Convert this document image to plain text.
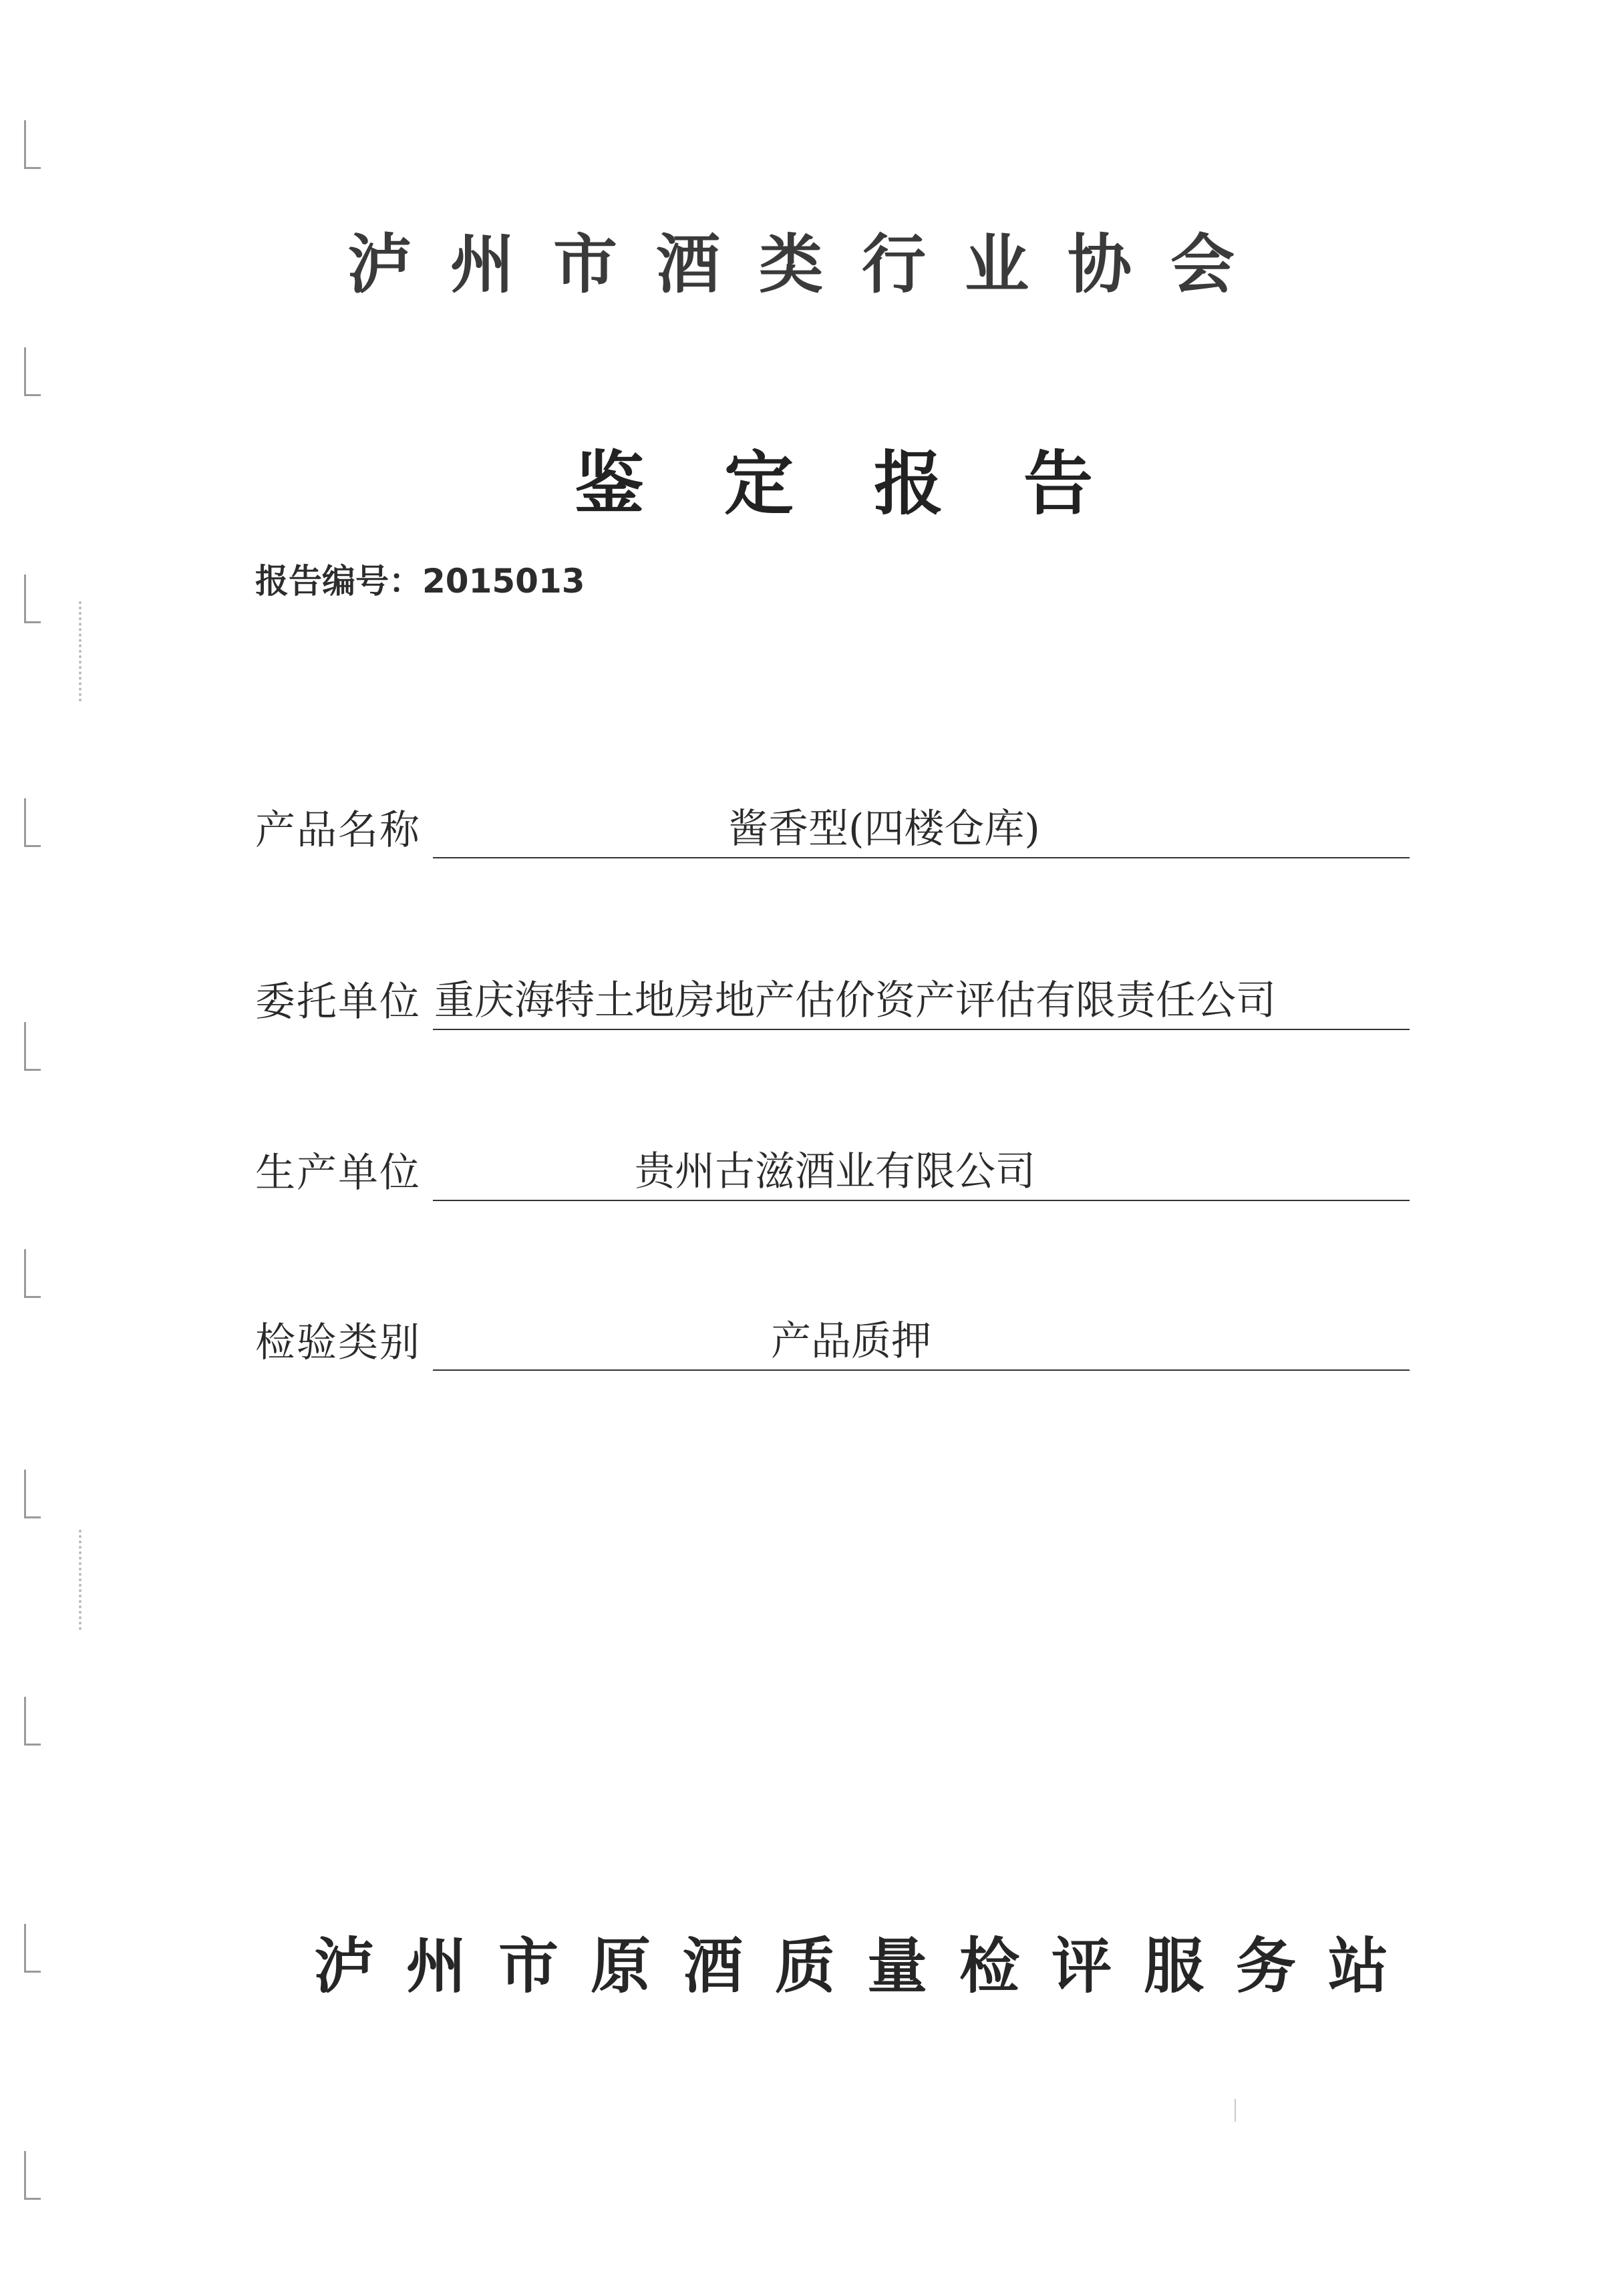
泸州市酒类行业协会
鉴定报告
报告编号：2015013
产品名称	酱香型(四楼仓库)
委托单位 重庆海特土地房地产估价资产评估有限责任公司
生产单位	贵州古滋酒业有限公司
检验类别	产品质押
泸州市原酒质量检评服务站
